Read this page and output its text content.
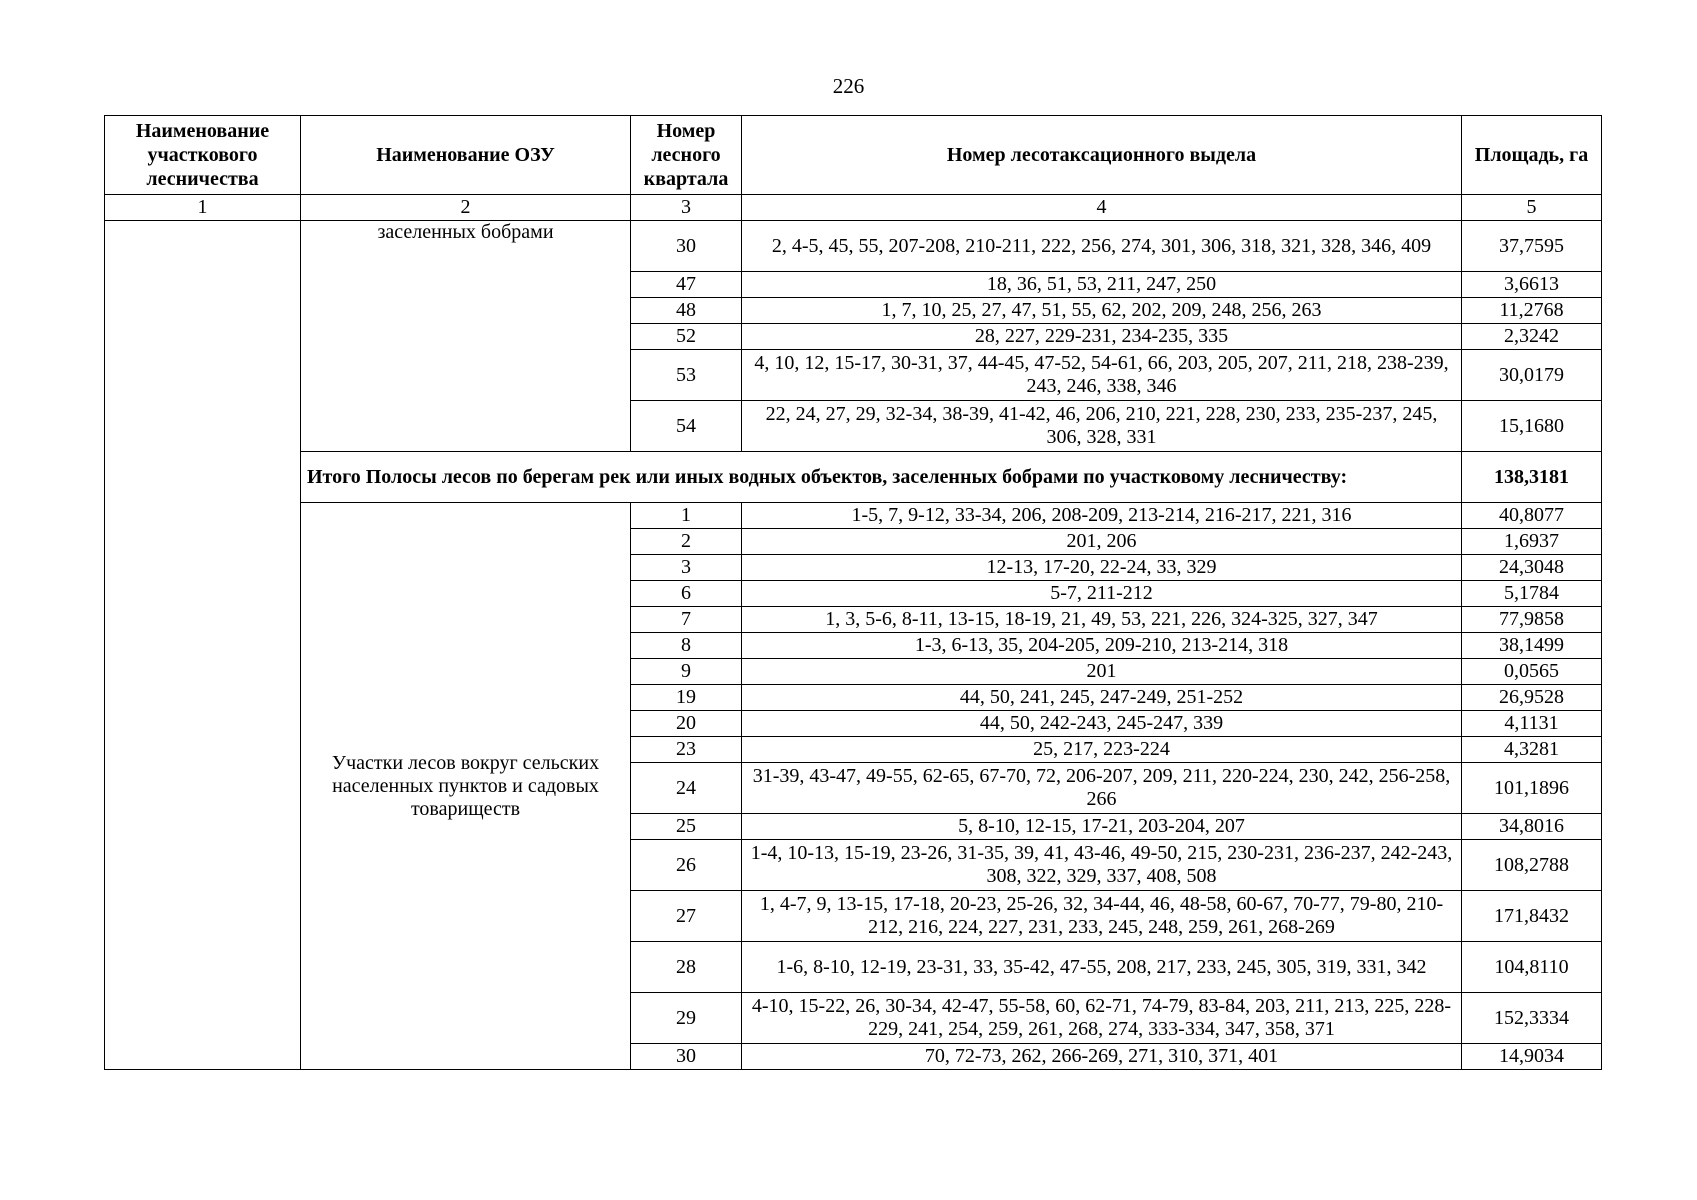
226
Наименование участкового лесничества	Наименование ОЗУ	Номер лесного квартала	Номер лесотаксационного выдела	Площадь, га
1	2	3	4	5
	заселенных бобрами	30	2, 4-5, 45, 55, 207-208, 210-211, 222, 256, 274, 301, 306, 318, 321, 328, 346, 409	37,7595
		47	18, 36, 51, 53, 211, 247, 250	3,6613
		48	1, 7, 10, 25, 27, 47, 51, 55, 62, 202, 209, 248, 256, 263	11,2768
		52	28, 227, 229-231, 234-235, 335	2,3242
		53	4, 10, 12, 15-17, 30-31, 37, 44-45, 47-52, 54-61, 66, 203, 205, 207, 211, 218, 238-239, 243, 246, 338, 346	30,0179
		54	22, 24, 27, 29, 32-34, 38-39, 41-42, 46, 206, 210, 221, 228, 230, 233, 235-237, 245, 306, 328, 331	15,1680
	Итого Полосы лесов по берегам рек или иных водных объектов, заселенных бобрами по участковому лесничеству:			138,3181
	Участки лесов вокруг сельских населенных пунктов и садовых товариществ	1	1-5, 7, 9-12, 33-34, 206, 208-209, 213-214, 216-217, 221, 316	40,8077
		2	201, 206	1,6937
		3	12-13, 17-20, 22-24, 33, 329	24,3048
		6	5-7, 211-212	5,1784
		7	1, 3, 5-6, 8-11, 13-15, 18-19, 21, 49, 53, 221, 226, 324-325, 327, 347	77,9858
		8	1-3, 6-13, 35, 204-205, 209-210, 213-214, 318	38,1499
		9	201	0,0565
		19	44, 50, 241, 245, 247-249, 251-252	26,9528
		20	44, 50, 242-243, 245-247, 339	4,1131
		23	25, 217, 223-224	4,3281
		24	31-39, 43-47, 49-55, 62-65, 67-70, 72, 206-207, 209, 211, 220-224, 230, 242, 256-258, 266	101,1896
		25	5, 8-10, 12-15, 17-21, 203-204, 207	34,8016
		26	1-4, 10-13, 15-19, 23-26, 31-35, 39, 41, 43-46, 49-50, 215, 230-231, 236-237, 242-243, 308, 322, 329, 337, 408, 508	108,2788
		27	1, 4-7, 9, 13-15, 17-18, 20-23, 25-26, 32, 34-44, 46, 48-58, 60-67, 70-77, 79-80, 210-212, 216, 224, 227, 231, 233, 245, 248, 259, 261, 268-269	171,8432
		28	1-6, 8-10, 12-19, 23-31, 33, 35-42, 47-55, 208, 217, 233, 245, 305, 319, 331, 342	104,8110
		29	4-10, 15-22, 26, 30-34, 42-47, 55-58, 60, 62-71, 74-79, 83-84, 203, 211, 213, 225, 228-229, 241, 254, 259, 261, 268, 274, 333-334, 347, 358, 371	152,3334
		30	70, 72-73, 262, 266-269, 271, 310, 371, 401	14,9034
